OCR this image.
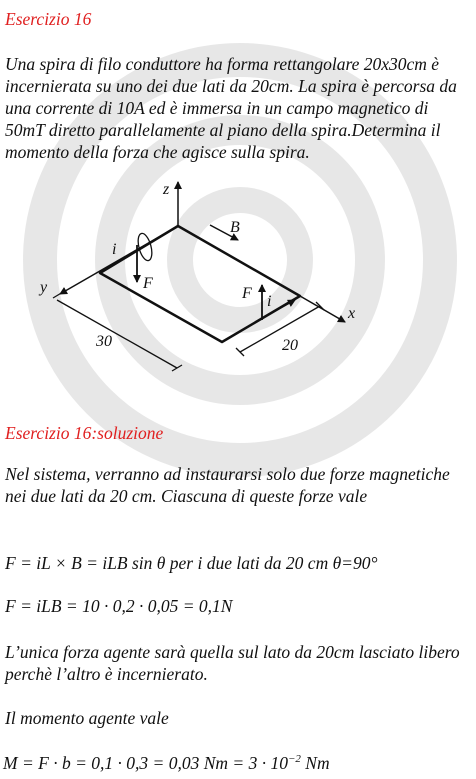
Esercizio 16

Una spira di filo conduttore ha forma rettangolare 20x30cm è incernierata su uno dei due lati da 20cm. La spira è percorsa da una corrente di 10A ed è immersa in un campo magnetico di 50mT diretto parallelamente al piano della spira.Determina il momento della forza che agisce sulla spira.

z
y
x
B
i
F
F i
30	20

Esercizio 16:soluzione

Nel sistema, verranno ad instaurarsi solo due forze magnetiche nei due lati da 20 cm. Ciascuna di queste forze vale

F = iL × B = iLB sin θ per i due lati da 20 cm θ=90°
F = iLB = 10 · 0,2 · 0,05 = 0,1N

L’unica forza agente sarà quella sul lato da 20cm lasciato libero perchè l’altro è incernierato.

Il momento agente vale

M = F · b = 0,1 · 0,3 = 0,03 $Nm = 3 \cdot 10^{-2}$ Nm
